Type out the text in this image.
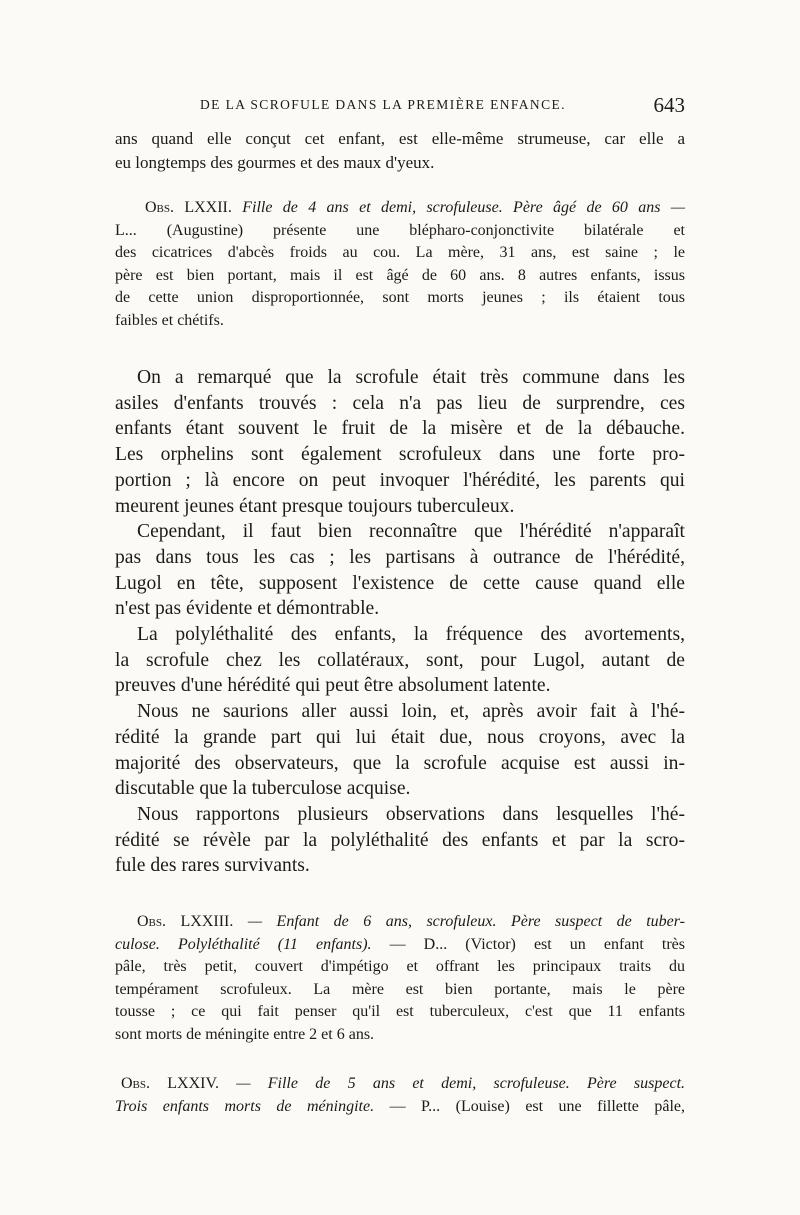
DE LA SCROFULE DANS LA PREMIÈRE ENFANCE.	643
ans quand elle conçut cet enfant, est elle-même strumeuse, car elle a
eu longtemps des gourmes et des maux d'yeux.
Obs. LXXII. Fille de 4 ans et demi, scrofuleuse. Père âgé de 60 ans —
L... (Augustine) présente une blépharo-conjonctivite bilatérale et
des cicatrices d'abcès froids au cou. La mère, 31 ans, est saine ; le
père est bien portant, mais il est âgé de 60 ans. 8 autres enfants, issus
de cette union disproportionnée, sont morts jeunes ; ils étaient tous
faibles et chétifs.
On a remarqué que la scrofule était très commune dans les
asiles d'enfants trouvés : cela n'a pas lieu de surprendre, ces
enfants étant souvent le fruit de la misère et de la débauche.
Les orphelins sont également scrofuleux dans une forte pro-
portion ; là encore on peut invoquer l'hérédité, les parents qui
meurent jeunes étant presque toujours tuberculeux.
Cependant, il faut bien reconnaître que l'hérédité n'apparaît
pas dans tous les cas ; les partisans à outrance de l'hérédité,
Lugol en tête, supposent l'existence de cette cause quand elle
n'est pas évidente et démontrable.
La polyléthalité des enfants, la fréquence des avortements,
la scrofule chez les collatéraux, sont, pour Lugol, autant de
preuves d'une hérédité qui peut être absolument latente.
Nous ne saurions aller aussi loin, et, après avoir fait à l'hé-
rédité la grande part qui lui était due, nous croyons, avec la
majorité des observateurs, que la scrofule acquise est aussi in-
discutable que la tuberculose acquise.
Nous rapportons plusieurs observations dans lesquelles l'hé-
rédité se révèle par la polyléthalité des enfants et par la scro-
fule des rares survivants.
Obs. LXXIII. — Enfant de 6 ans, scrofuleux. Père suspect de tuber-
culose. Polyléthalité (11 enfants). — D... (Victor) est un enfant très
pâle, très petit, couvert d'impétigo et offrant les principaux traits du
tempérament scrofuleux. La mère est bien portante, mais le père
tousse ; ce qui fait penser qu'il est tuberculeux, c'est que 11 enfants
sont morts de méningite entre 2 et 6 ans.
Obs. LXXIV. — Fille de 5 ans et demi, scrofuleuse. Père suspect.
Trois enfants morts de méningite. — P... (Louise) est une fillette pâle,
